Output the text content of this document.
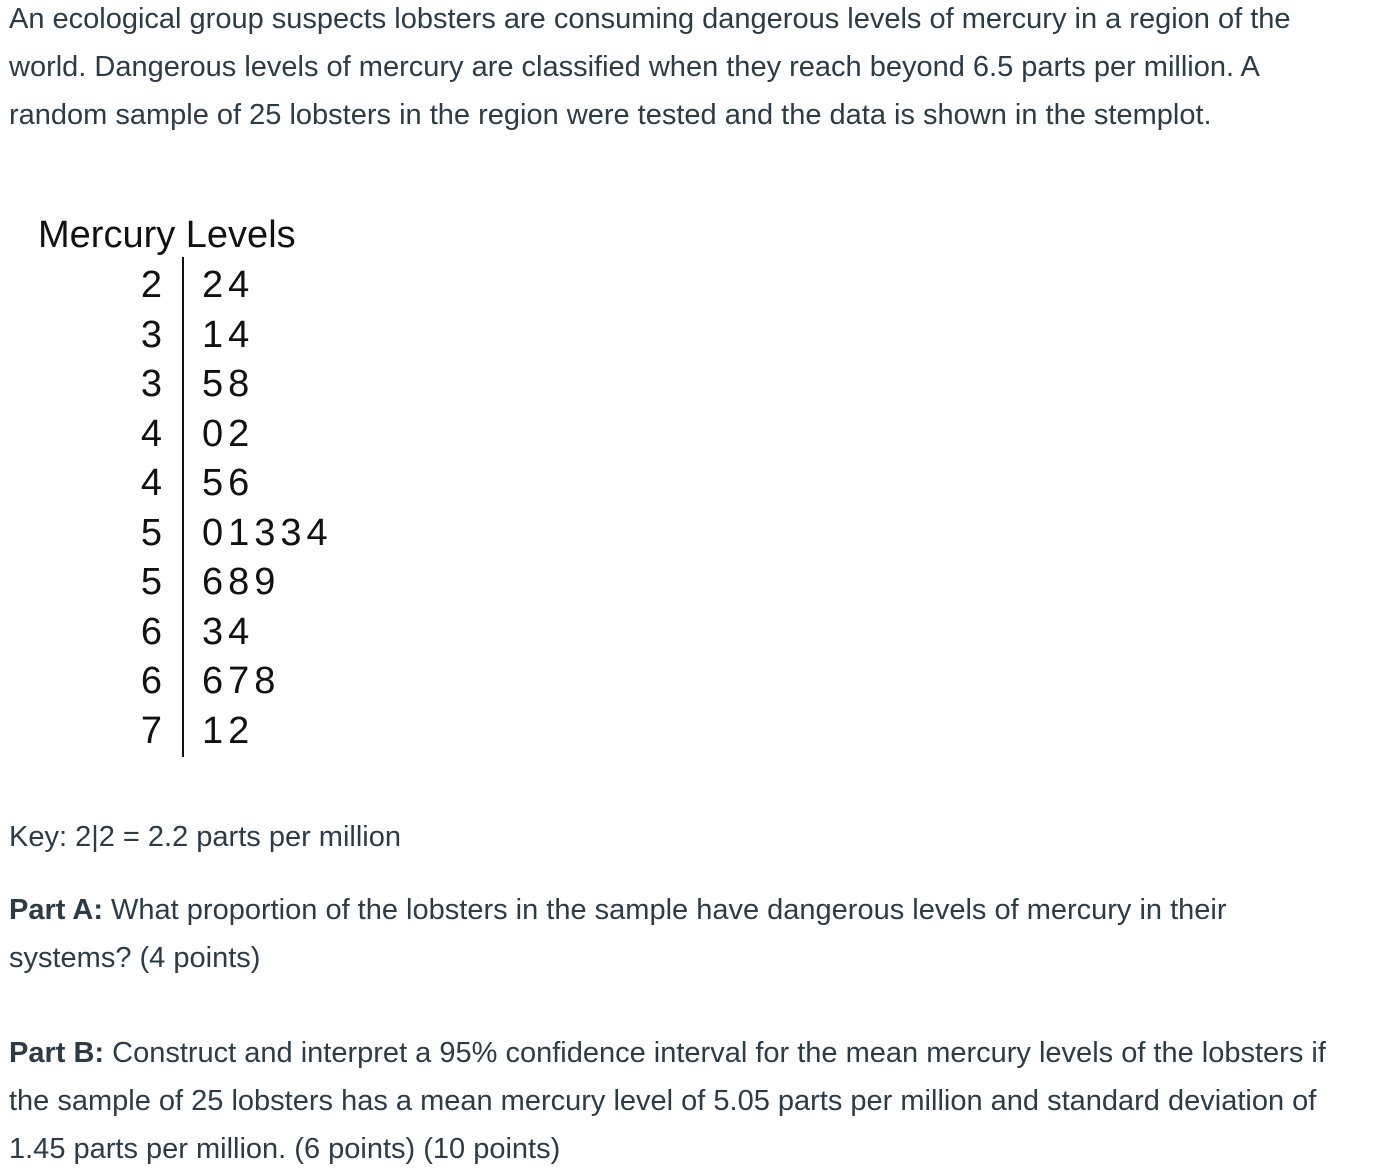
An ecological group suspects lobsters are consuming dangerous levels of mercury in a region of the world. Dangerous levels of mercury are classified when they reach beyond 6.5 parts per million. A random sample of 25 lobsters in the region were tested and the data is shown in the stemplot.

Mercury Levels
2 24
3 14
3 58
4 02
4 56
5 01334
5 689
6 34
6 678
7 12

Key: 2|2 = 2.2 parts per million

Part A: What proportion of the lobsters in the sample have dangerous levels of mercury in their systems? (4 points)

Part B: Construct and interpret a 95% confidence interval for the mean mercury levels of the lobsters if the sample of 25 lobsters has a mean mercury level of 5.05 parts per million and standard deviation of 1.45 parts per million. (6 points) (10 points)
